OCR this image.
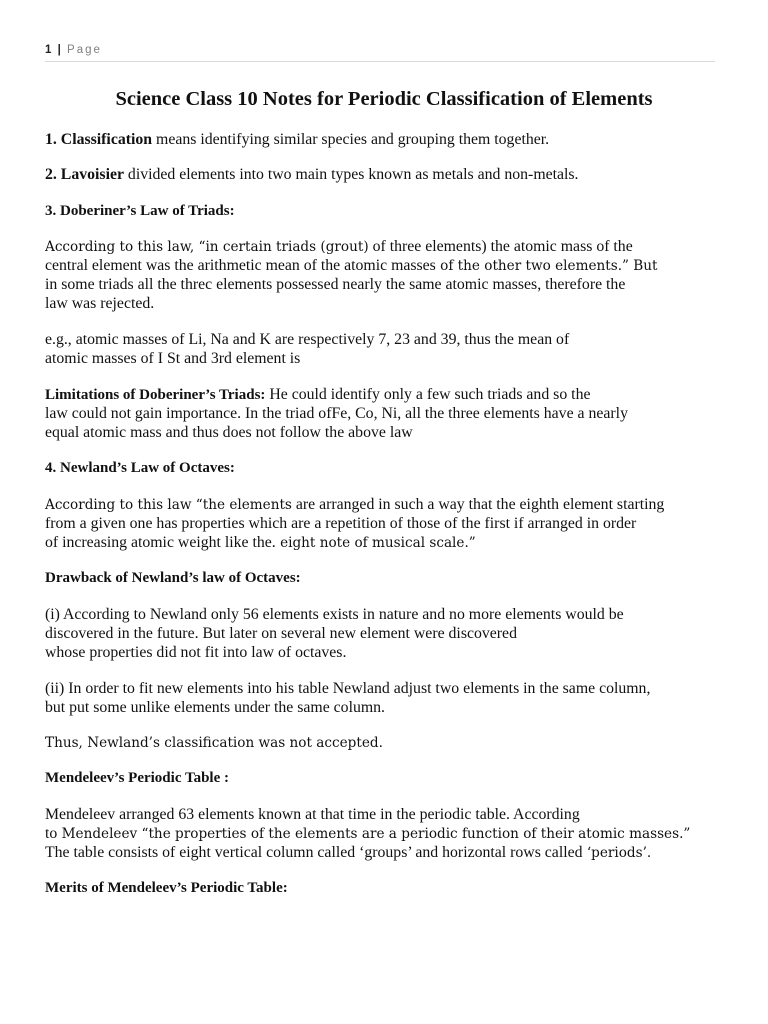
1 | Page
Science Class 10 Notes for Periodic Classification of Elements
1. Classification means identifying similar species and grouping them together.
2. Lavoisier divided elements into two main types known as metals and non-metals.
3. Doberiner’s Law of Triads:
According to this law, “in certain triads (grout) of three elements) the atomic mass of the
central element was the arithmetic mean of the atomic masses of the other two elements.” But
in some triads all the threc elements possessed nearly the same atomic masses, therefore the
law was rejected.
e.g., atomic masses of Li, Na and K are respectively 7, 23 and 39, thus the mean of
atomic masses of I St and 3rd element is
Limitations of Doberiner’s Triads: He could identify only a few such triads and so the
law could not gain importance. In the triad ofFe, Co, Ni, all the three elements have a nearly
equal atomic mass and thus does not follow the above law
4. Newland’s Law of Octaves:
According to this law “the elements are arranged in such a way that the eighth element starting
from a given one has properties which are a repetition of those of the first if arranged in order
of increasing atomic weight like the. eight note of musical scale.”
Drawback of Newland’s law of Octaves:
(i) According to Newland only 56 elements exists in nature and no more elements would be
discovered in the future. But later on several new element were discovered
whose properties did not fit into law of octaves.
(ii) In order to fit new elements into his table Newland adjust two elements in the same column,
but put some unlike elements under the same column.
Thus, Newland’s classification was not accepted.
Mendeleev’s Periodic Table :
Mendeleev arranged 63 elements known at that time in the periodic table. According
to Mendeleev “the properties of the elements are a periodic function of their atomic masses.”
The table consists of eight vertical column called ‘groups’ and horizontal rows called ‘periods’.
Merits of Mendeleev’s Periodic Table:
